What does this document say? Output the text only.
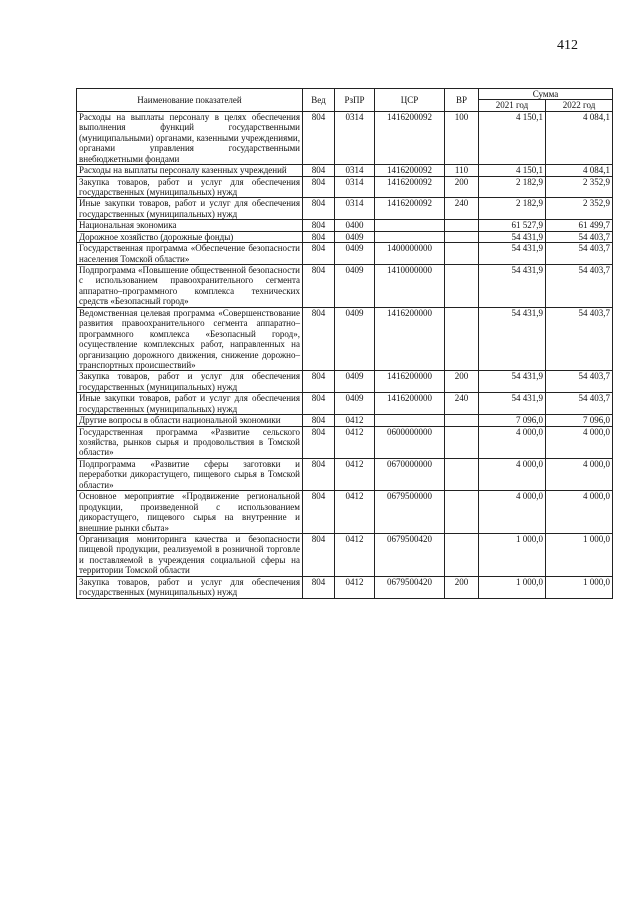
412
Наименование показателей	Вед	РзПР	ЦСР	ВР	Сумма	
					2021 год	2022 год
Расходы на выплаты персоналу в целях обеспечения выполнения функций государственными (муниципальными) органами, казенными учреждениями, органами управления государственными внебюджетными фондами	804	0314	1416200092	100	4 150,1	4 084,1
Расходы на выплаты персоналу казенных учреждений	804	0314	1416200092	110	4 150,1	4 084,1
Закупка товаров, работ и услуг для обеспечения государственных (муниципальных) нужд	804	0314	1416200092	200	2 182,9	2 352,9
Иные закупки товаров, работ и услуг для обеспечения государственных (муниципальных) нужд	804	0314	1416200092	240	2 182,9	2 352,9
Национальная экономика	804	0400			61 527,9	61 499,7
Дорожное хозяйство (дорожные фонды)	804	0409			54 431,9	54 403,7
Государственная программа «Обеспечение безопасности населения Томской области»	804	0409	1400000000		54 431,9	54 403,7
Подпрограмма «Повышение общественной безопасности с использованием правоохранительного сегмента аппаратно–программного комплекса технических средств «Безопасный город»	804	0409	1410000000		54 431,9	54 403,7
Ведомственная целевая программа «Совершенствование развития правоохранительного сегмента аппаратно–программного комплекса «Безопасный город», осуществление комплексных работ, направленных на организацию дорожного движения, снижение дорожно–транспортных происшествий»	804	0409	1416200000		54 431,9	54 403,7
Закупка товаров, работ и услуг для обеспечения государственных (муниципальных) нужд	804	0409	1416200000	200	54 431,9	54 403,7
Иные закупки товаров, работ и услуг для обеспечения государственных (муниципальных) нужд	804	0409	1416200000	240	54 431,9	54 403,7
Другие вопросы в области национальной экономики	804	0412			7 096,0	7 096,0
Государственная программа «Развитие сельского хозяйства, рынков сырья и продовольствия в Томской области»	804	0412	0600000000		4 000,0	4 000,0
Подпрограмма «Развитие сферы заготовки и переработки дикорастущего, пищевого сырья в Томской области»	804	0412	0670000000		4 000,0	4 000,0
Основное мероприятие «Продвижение региональной продукции, произведенной с использованием дикорастущего, пищевого сырья на внутренние и внешние рынки сбыта»	804	0412	0679500000		4 000,0	4 000,0
Организация мониторинга качества и безопасности пищевой продукции, реализуемой в розничной торговле и поставляемой в учреждения социальной сферы на территории Томской области	804	0412	0679500420		1 000,0	1 000,0
Закупка товаров, работ и услуг для обеспечения государственных (муниципальных) нужд	804	0412	0679500420	200	1 000,0	1 000,0
